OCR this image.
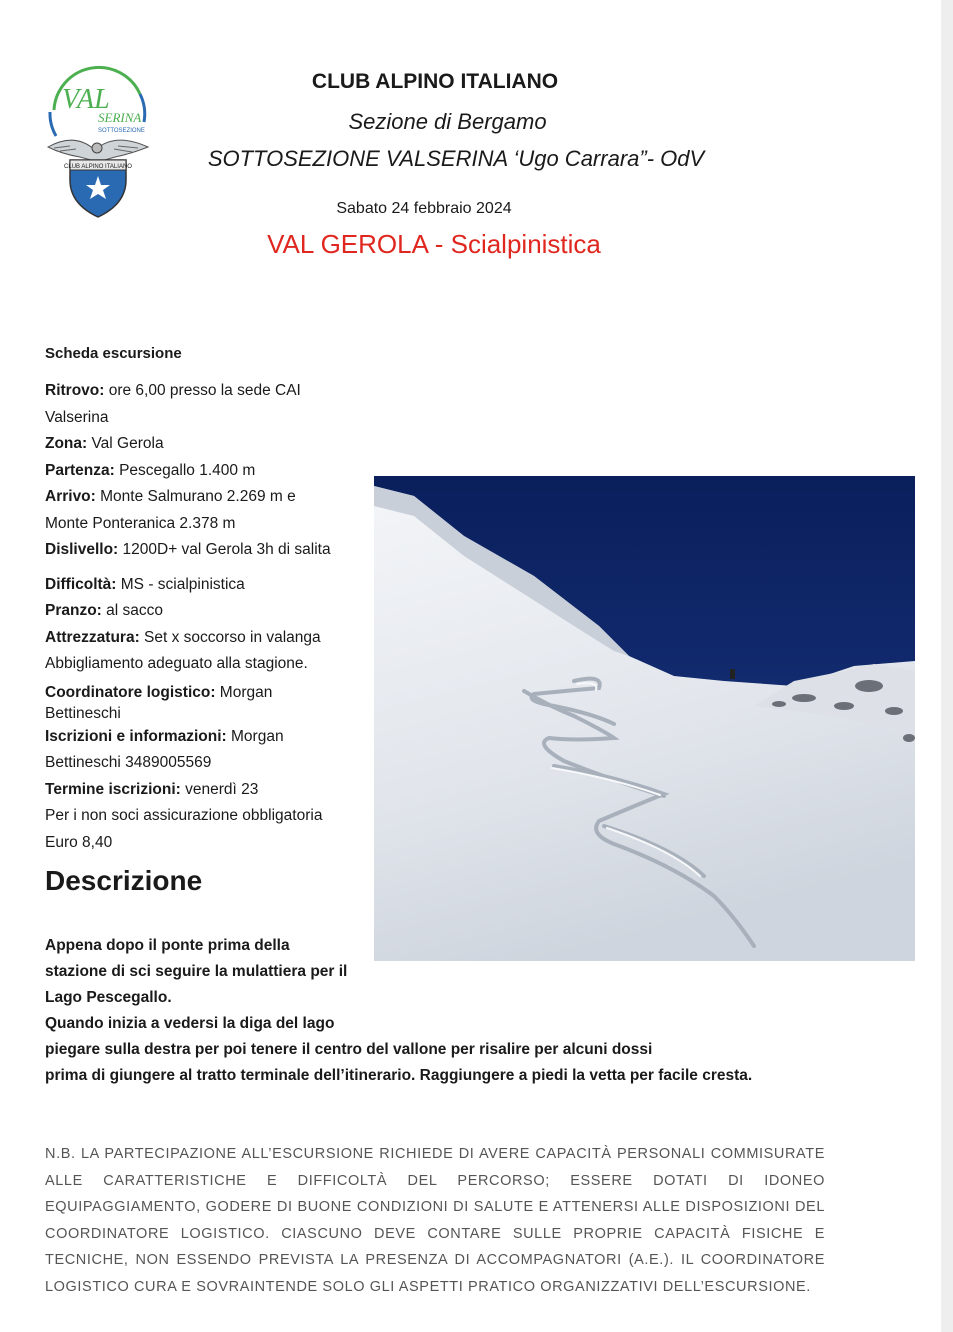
VAL
SERINA
SOTTOSEZIONE
CLUB ALPINO ITALIANO
CLUB ALPINO ITALIANO
Sezione di Bergamo
SOTTOSEZIONE VALSERINA ‘Ugo Carrara”- OdV
Sabato 24 febbraio 2024
VAL GEROLA - Scialpinistica
Scheda escursione
Ritrovo: ore 6,00 presso la sede CAI Valserina
Zona: Val Gerola
Partenza: Pescegallo 1.400 m
Arrivo: Monte Salmurano 2.269 m e
Monte Ponteranica 2.378 m
Dislivello: 1200D+ val Gerola 3h di salita
Difficoltà: MS - scialpinistica
Pranzo: al sacco
Attrezzatura: Set x soccorso in valanga
Abbigliamento adeguato alla stagione.
Coordinatore logistico: Morgan
Bettineschi
Iscrizioni e informazioni: Morgan
Bettineschi 3489005569
Termine iscrizioni: venerdì 23
Per i non soci assicurazione obbligatoria
Euro 8,40
Descrizione
Appena dopo il ponte prima della
stazione di sci seguire la mulattiera per il
Lago Pescegallo.
Quando inizia a vedersi la diga del lago
piegare sulla destra per poi tenere il centro del vallone per risalire per alcuni dossi
prima di giungere al tratto terminale dell’itinerario. Raggiungere a piedi la vetta per facile cresta.
N.B. LA PARTECIPAZIONE ALL’ESCURSIONE RICHIEDE DI AVERE CAPACITÀ PERSONALI COMMISURATE ALLE CARATTERISTICHE E DIFFICOLTÀ DEL PERCORSO; ESSERE DOTATI DI IDONEO EQUIPAGGIAMENTO, GODERE DI BUONE CONDIZIONI DI SALUTE E ATTENERSI ALLE DISPOSIZIONI DEL COORDINATORE LOGISTICO. CIASCUNO DEVE CONTARE SULLE PROPRIE CAPACITÀ FISICHE E TECNICHE, NON ESSENDO PREVISTA LA PRESENZA DI ACCOMPAGNATORI (A.E.). IL COORDINATORE LOGISTICO CURA E SOVRAINTENDE SOLO GLI ASPETTI PRATICO ORGANIZZATIVI DELL’ESCURSIONE.
